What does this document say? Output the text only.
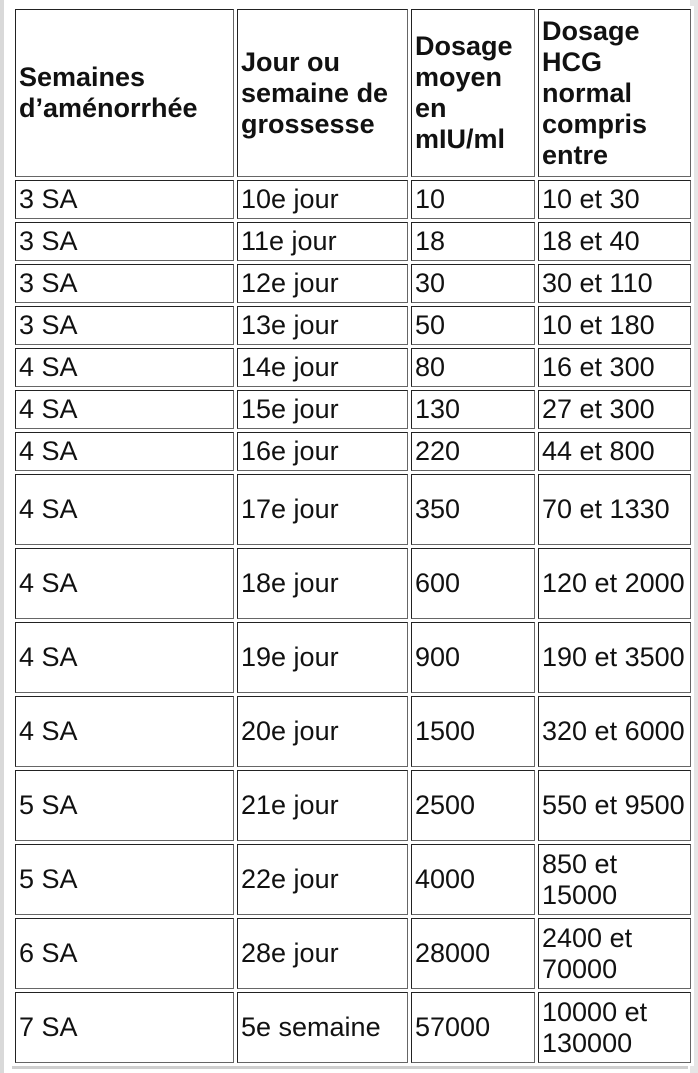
Semaines d’aménorrhée	Jour ou semaine de grossesse	Dosage moyen en mIU/ml	Dosage HCG normal compris entre
3 SA	10e jour	10	10 et 30
3 SA	11e jour	18	18 et 40
3 SA	12e jour	30	30 et 110
3 SA	13e jour	50	10 et 180
4 SA	14e jour	80	16 et 300
4 SA	15e jour	130	27 et 300
4 SA	16e jour	220	44 et 800
4 SA	17e jour	350	70 et 1330
4 SA	18e jour	600	120 et 2000
4 SA	19e jour	900	190 et 3500
4 SA	20e jour	1500	320 et 6000
5 SA	21e jour	2500	550 et 9500
5 SA	22e jour	4000	850 et 15000
6 SA	28e jour	28000	2400 et 70000
7 SA	5e semaine	57000	10000 et 130000
